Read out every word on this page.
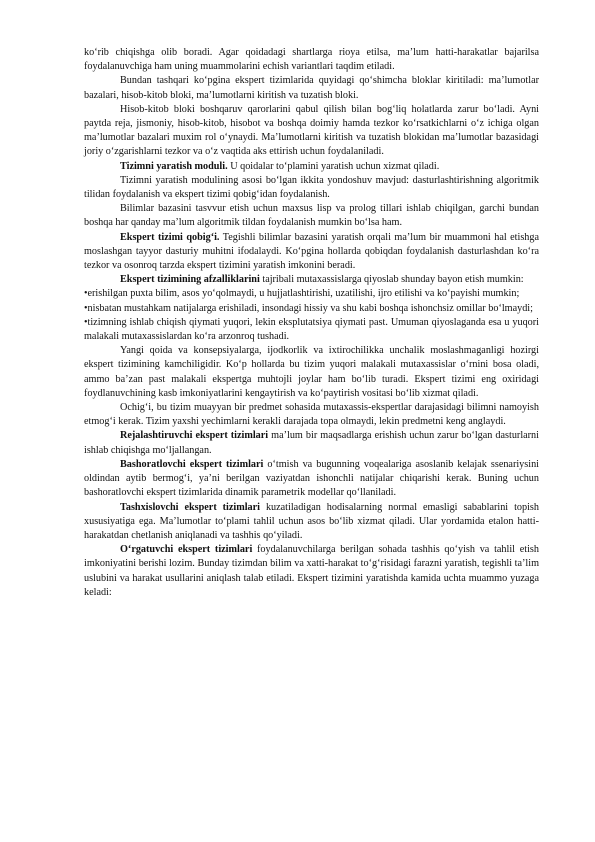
ko‘rib chiqishga olib boradi. Agar qoidadagi shartlarga rioya etilsa, ma’lum hatti-harakatlar bajarilsa foydalanuvchiga ham uning muammolarini echish variantlari taqdim etiladi.

Bundan tashqari ko‘pgina ekspert tizimlarida quyidagi qo‘shimcha bloklar kiritiladi: ma’lumotlar bazalari, hisob-kitob bloki, ma’lumotlarni kiritish va tuzatish bloki.

Hisob-kitob bloki boshqaruv qarorlarini qabul qilish bilan bog‘liq holatlarda zarur bo‘ladi. Ayni paytda reja, jismoniy, hisob-kitob, hisobot va boshqa doimiy hamda tezkor ko‘rsatkichlarni o‘z ichiga olgan ma’lumotlar bazalari muxim rol o‘ynaydi. Ma’lumotlarni kiritish va tuzatish blokidan ma’lumotlar bazasidagi joriy o‘zgarishlarni tezkor va o‘z vaqtida aks ettirish uchun foydalaniladi.

Tizimni yaratish moduli. U qoidalar to‘plamini yaratish uchun xizmat qiladi.

Tizimni yaratish modulining asosi bo‘lgan ikkita yondoshuv mavjud: dasturlashtirishning algoritmik tilidan foydalanish va ekspert tizimi qobig‘idan foydalanish.

Bilimlar bazasini tasvvur etish uchun maxsus lisp va prolog tillari ishlab chiqilgan, garchi bundan boshqa har qanday ma’lum algoritmik tildan foydalanish mumkin bo‘lsa ham.

Ekspert tizimi qobig‘i. Tegishli bilimlar bazasini yaratish orqali ma’lum bir muammoni hal etishga moslashgan tayyor dasturiy muhitni ifodalaydi. Ko‘pgina hollarda qobiqdan foydalanish dasturlashdan ko‘ra tezkor va osonroq tarzda ekspert tizimini yaratish imkonini beradi.

Ekspert tizimining afzalliklarini tajribali mutaxassislarga qiyoslab shunday bayon etish mumkin:

•erishilgan puxta bilim, asos yo‘qolmaydi, u hujjatlashtirishi, uzatilishi, ijro etilishi va ko‘payishi mumkin;

•nisbatan mustahkam natijalarga erishiladi, insondagi hissiy va shu kabi boshqa ishonchsiz omillar bo‘lmaydi;

•tizimning ishlab chiqish qiymati yuqori, lekin eksplutatsiya qiymati past. Umuman qiyoslaganda esa u yuqori malakali mutaxassislardan ko‘ra arzonroq tushadi.

Yangi qoida va konsepsiyalarga, ijodkorlik va ixtirochilikka unchalik moslashmaganligi hozirgi ekspert tizimining kamchiligidir. Ko‘p hollarda bu tizim yuqori malakali mutaxassislar o‘rnini bosa oladi, ammo ba’zan past malakali ekspertga muhtojli joylar ham bo‘lib turadi. Ekspert tizimi eng oxiridagi foydlanuvchining kasb imkoniyatlarini kengaytirish va ko‘paytirish vositasi bo‘lib xizmat qiladi.

Ochig‘i, bu tizim muayyan bir predmet sohasida mutaxassis-ekspertlar darajasidagi bilimni namoyish etmog‘i kerak. Tizim yaxshi yechimlarni kerakli darajada topa olmaydi, lekin predmetni keng anglaydi.

Rejalashtiruvchi ekspert tizimlari ma’lum bir maqsadlarga erishish uchun zarur bo‘lgan dasturlarni ishlab chiqishga mo‘ljallangan.

Bashoratlovchi ekspert tizimlari o‘tmish va bugunning voqealariga asoslanib kelajak ssenariysini oldindan aytib bermog‘i, ya’ni berilgan vaziyatdan ishonchli natijalar chiqarishi kerak. Buning uchun bashoratlovchi ekspert tizimlarida dinamik parametrik modellar qo‘llaniladi.

Tashxislovchi ekspert tizimlari kuzatiladigan hodisalarning normal emasligi sabablarini topish xususiyatiga ega. Ma’lumotlar to‘plami tahlil uchun asos bo‘lib xizmat qiladi. Ular yordamida etalon hatti-harakatdan chetlanish aniqlanadi va tashhis qo‘yiladi.

O‘rgatuvchi ekspert tizimlari foydalanuvchilarga berilgan sohada tashhis qo‘yish va tahlil etish imkoniyatini berishi lozim. Bunday tizimdan bilim va xatti-harakat to‘g‘risidagi farazni yaratish, tegishli ta’lim uslubini va harakat usullarini aniqlash talab etiladi. Ekspert tizimini yaratishda kamida uchta muammo yuzaga keladi:
